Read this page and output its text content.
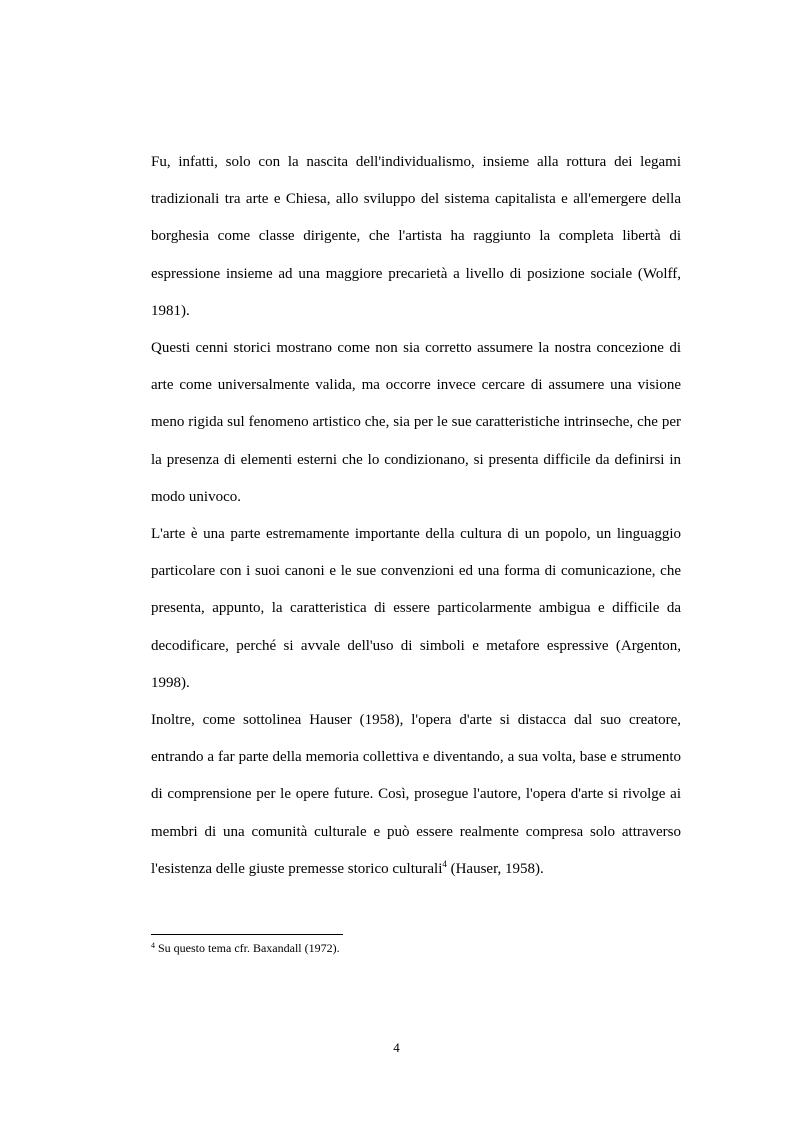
Fu, infatti, solo con la nascita dell'individualismo, insieme alla rottura dei legami tradizionali tra arte e Chiesa, allo sviluppo del sistema capitalista e all'emergere della borghesia come classe dirigente, che l'artista ha raggiunto la completa libertà di espressione insieme ad una maggiore precarietà a livello di posizione sociale (Wolff, 1981).

Questi cenni storici mostrano come non sia corretto assumere la nostra concezione di arte come universalmente valida, ma occorre invece cercare di assumere una visione meno rigida sul fenomeno artistico che, sia per le sue caratteristiche intrinseche, che per la presenza di elementi esterni che lo condizionano, si presenta difficile da definirsi in modo univoco.

L'arte è una parte estremamente importante della cultura di un popolo, un linguaggio particolare con i suoi canoni e le sue convenzioni ed una forma di comunicazione, che presenta, appunto, la caratteristica di essere particolarmente ambigua e difficile da decodificare, perché si avvale dell'uso di simboli e metafore espressive (Argenton, 1998).

Inoltre, come sottolinea Hauser (1958), l'opera d'arte si distacca dal suo creatore, entrando a far parte della memoria collettiva e diventando, a sua volta, base e strumento di comprensione per le opere future. Così, prosegue l'autore, l'opera d'arte si rivolge ai membri di una comunità culturale e può essere realmente compresa solo attraverso l'esistenza delle giuste premesse storico culturali$^4$ (Hauser, 1958).

$^4$ Su questo tema cfr. Baxandall (1972).

4
